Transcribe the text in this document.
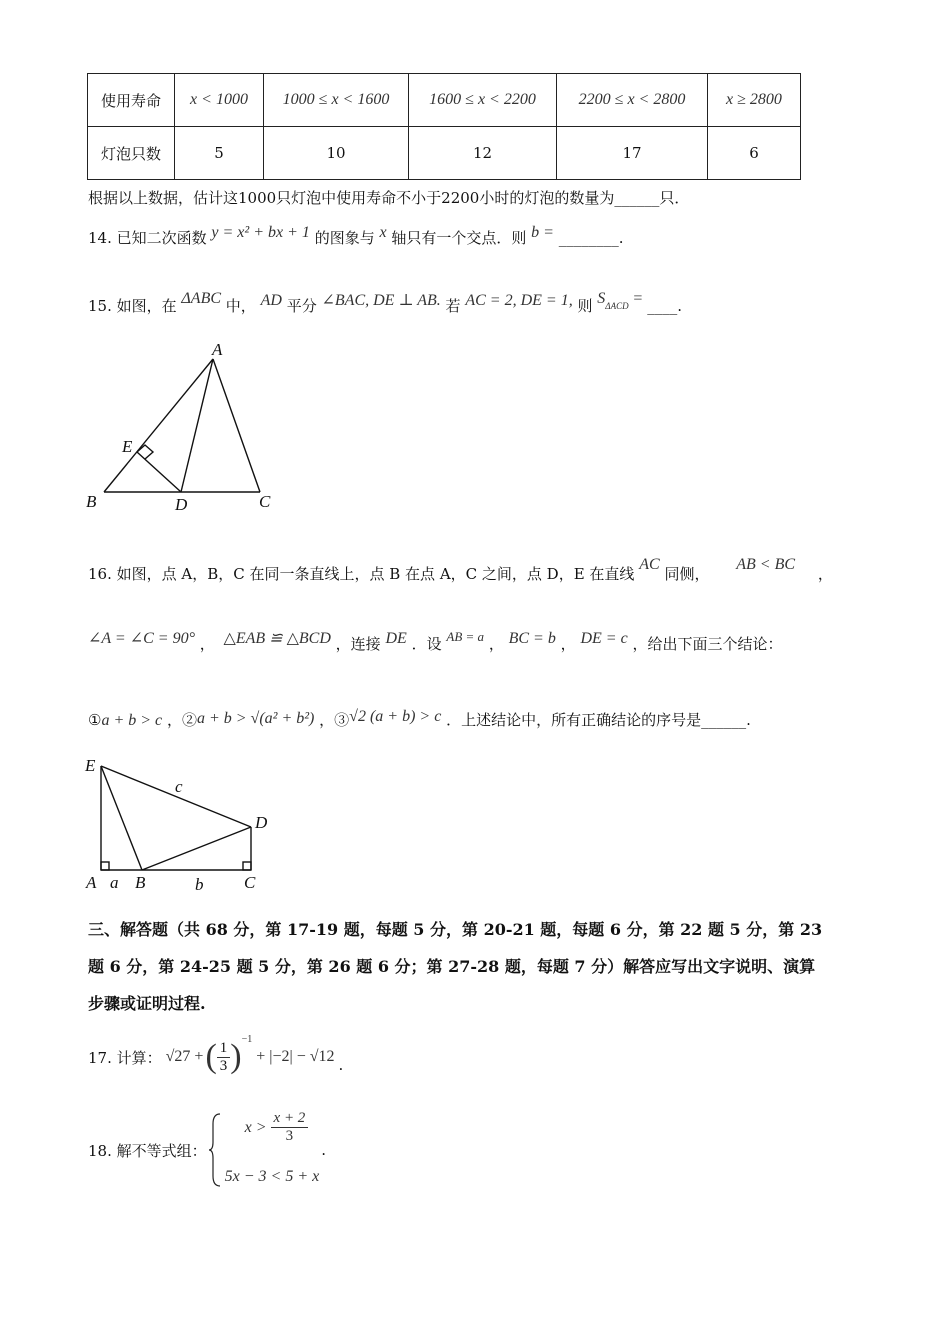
使用寿命	x < 1000	1000 ≤ x < 1600	1600 ≤ x < 2200	2200 ≤ x < 2800	x ≥ 2800
灯泡只数	5	10	12	17	6
根据以上数据，估计这1000只灯泡中使用寿命不小于2200小时的灯泡的数量为______只．
14. 已知二次函数 y = x² + bx + 1 的图象与 x 轴只有一个交点．则 b = ________.
15. 如图，在 ΔABC 中， AD 平分 ∠BAC, DE ⊥ AB. 若 AC = 2, DE = 1, 则 SΔACD = ____.
A
B	C
D
E
16. 如图，点 A，B，C 在同一条直线上，点 B 在点 A，C 之间，点 D，E 在直线 AC 同侧， AB < BC ，
∠A = ∠C = 90° ， △EAB ≌ △BCD ，连接 DE ．设 AB = a ， BC = b ， DE = c ，给出下面三个结论：
①a + b > c ，②a + b > √(a² + b²) ，③√2 (a + b) > c ．上述结论中，所有正确结论的序号是______.
E
A a B	b C
D
c
三、解答题（共 68 分，第 17-19 题，每题 5 分，第 20-21 题，每题 6 分，第 22 题 5 分，第 23
题 6 分，第 24-25 题 5 分，第 26 题 6 分；第 27-28 题，每题 7 分）解答应写出文字说明、演算
步骤或证明过程.
17. 计算： √27 + ( $\frac{1}{3}$ ) −1
+ |−2| − √12 .
18. 解不等式组：
$x > \frac{x + 2}{3}$
5x − 3 < 5 + x
.
